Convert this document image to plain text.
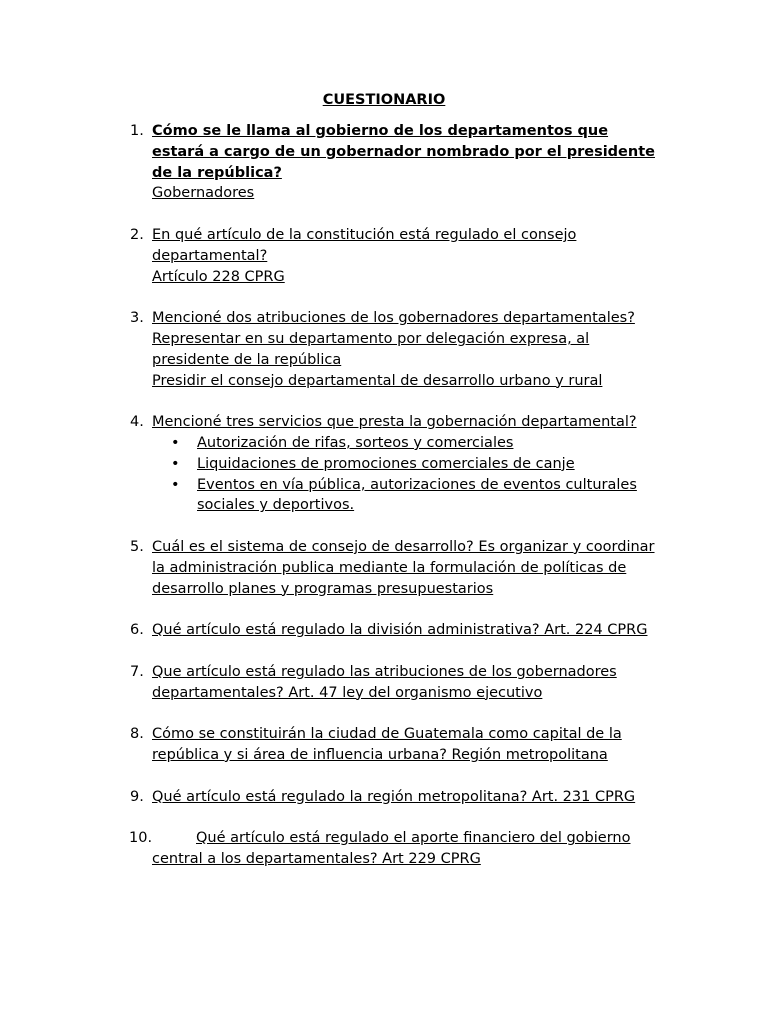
CUESTIONARIO
1. Cómo se le llama al gobierno de los departamentos que estará a cargo de un gobernador nombrado por el presidente de la república?
Gobernadores
2. En qué artículo de la constitución está regulado el consejo departamental?
Artículo 228 CPRG
3. Mencioné dos atribuciones de los gobernadores departamentales?
Representar en su departamento por delegación expresa, al presidente de la república
Presidir el consejo departamental de desarrollo urbano y rural
4. Mencioné tres servicios que presta la gobernación departamental?
• Autorización de rifas, sorteos y comerciales
• Liquidaciones de promociones comerciales de canje
• Eventos en vía pública, autorizaciones de eventos culturales sociales y deportivos.
5. Cuál es el sistema de consejo de desarrollo? Es organizar y coordinar la administración publica mediante la formulación de políticas de desarrollo planes y programas presupuestarios
6. Qué artículo está regulado la división administrativa? Art. 224 CPRG
7. Que artículo está regulado las atribuciones de los gobernadores departamentales? Art. 47 ley del organismo ejecutivo
8. Cómo se constituirán la ciudad de Guatemala como capital de la república y si área de influencia urbana? Región metropolitana
9. Qué artículo está regulado la región metropolitana? Art. 231 CPRG
10.	Qué artículo está regulado el aporte financiero del gobierno
central a los departamentales? Art 229 CPRG
